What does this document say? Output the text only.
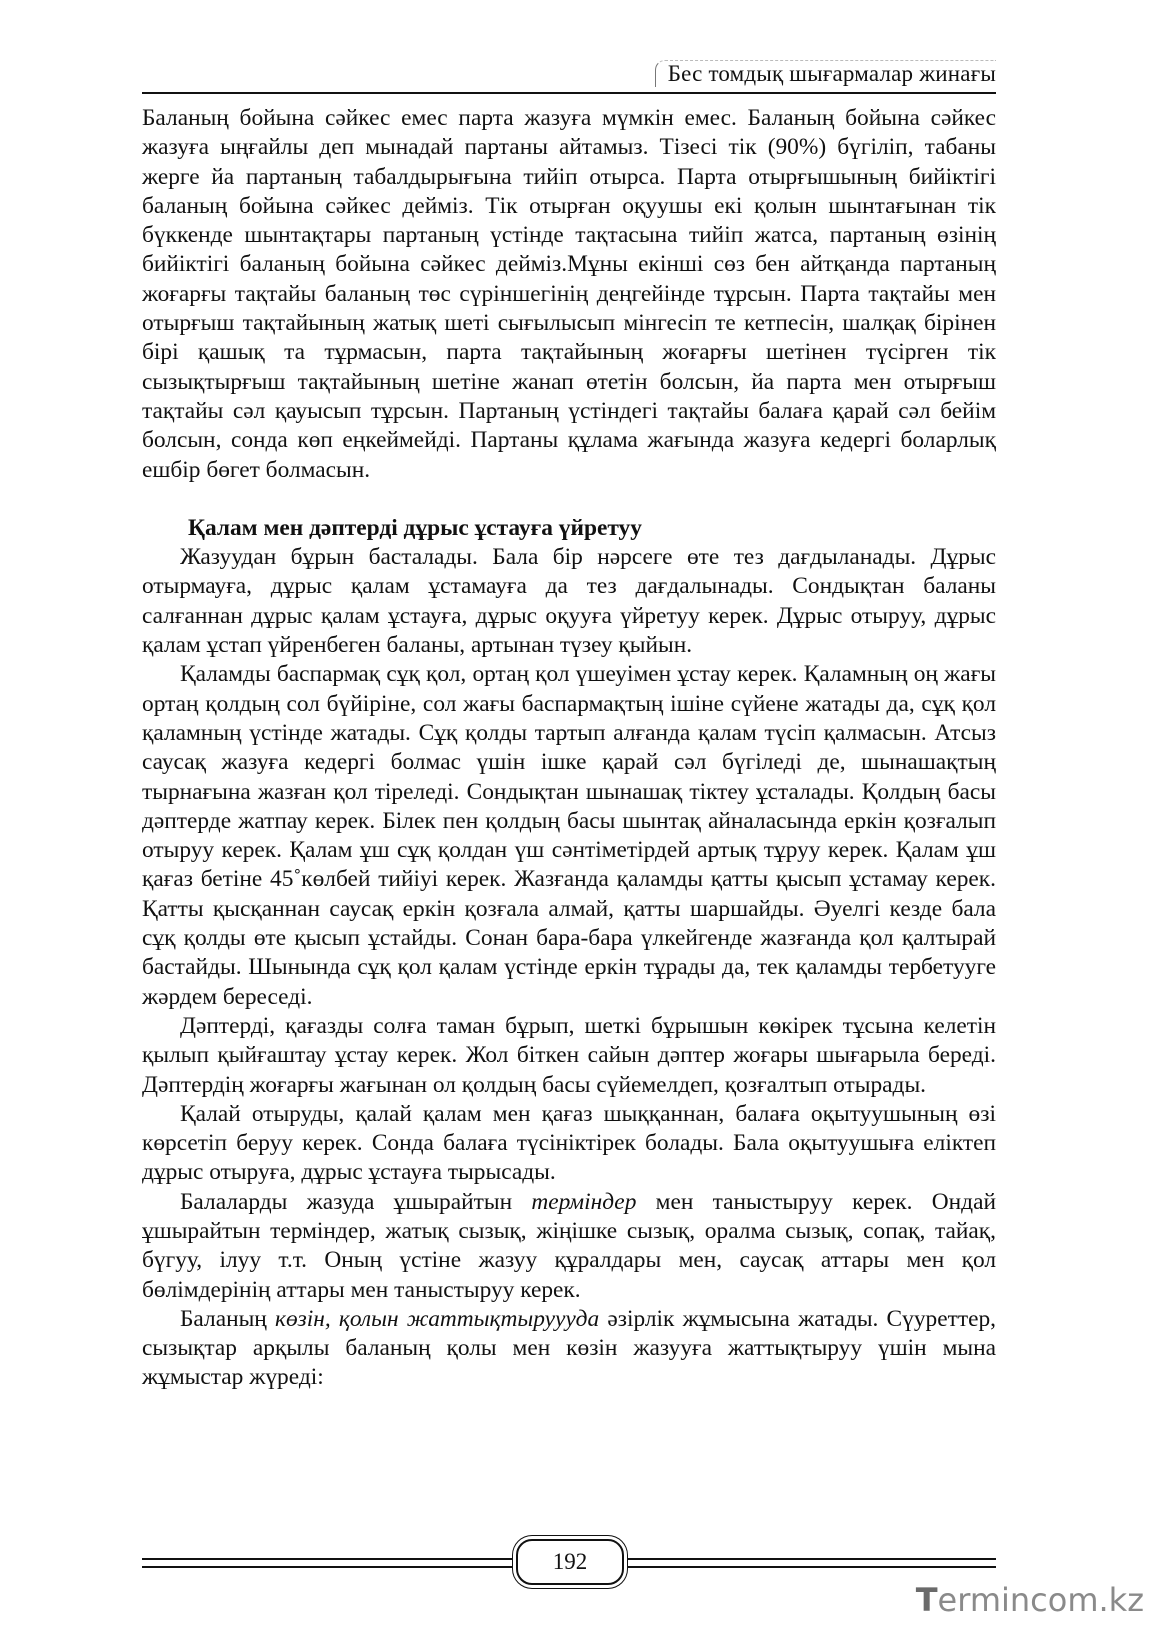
Бес томдық шығармалар жинағы

Баланың бойына сәйкес емес парта жазуға мүмкін емес. Баланың бойына сәйкес жазуға ыңғайлы деп мынадай партаны айтамыз. Тізесі тік (90%) бүгіліп, табаны жерге йа партаның табалдырығына тийіп отырса. Парта отырғышының бийіктігі баланың бойына сәйкес дейміз. Тік отырған оқуушы екі қолын шынтағынан тік бүккенде шынтақтары партаның үстінде тақтасына тийіп жатса, партаның өзінің бийіктігі баланың бойына сәйкес дейміз.Мұны екінші сөз бен айтқанда партаның жоғарғы тақтайы баланың төс сүріншегінің деңгейінде тұрсын. Парта тақтайы мен отырғыш тақтайының жатық шеті сығылысып мінгесіп те кетпесін, шалқақ бірінен бірі қашық та тұрмасын, парта тақтайының жоғарғы шетінен түсірген тік сызықтырғыш тақтайының шетіне жанап өтетін болсын, йа парта мен отырғыш тақтайы сәл қауысып тұрсын. Партаның үстіндегі тақтайы балаға қарай сәл бейім болсын, сонда көп еңкеймейді. Партаны құлама жағында жазуға кедергі боларлық ешбір бөгет болмасын.

Қалам мен дәптерді дұрыс ұстауға үйретуу

Жазуудан бұрын басталады. Бала бір нәрсеге өте тез дағдыланады. Дұрыс отырмауға, дұрыс қалам ұстамауға да тез дағдалынады. Сондықтан баланы салғаннан дұрыс қалам ұстауға, дұрыс оқууға үйретуу керек. Дұрыс отыруу, дұрыс қалам ұстап үйренбеген баланы, артынан түзеу қыйын.

Қаламды баспармақ сұқ қол, ортаң қол үшеуімен ұстау керек. Қаламның оң жағы ортаң қолдың сол бүйіріне, сол жағы баспармақтың ішіне сүйене жатады да, сұқ қол қаламның үстінде жатады. Сұқ қолды тартып алғанда қалам түсіп қалмасын. Атсыз саусақ жазуға кедергі болмас үшін ішке қарай сәл бүгіледі де, шынашақтың тырнағына жазған қол тіреледі. Сондықтан шынашақ тіктеу ұсталады. Қолдың басы дәптерде жатпау керек. Білек пен қолдың басы шынтақ айналасында еркін қозғалып отыруу керек. Қалам ұш сұқ қолдан үш сәнтіметірдей артық тұруу керек. Қалам ұш қағаз бетіне 45˚көлбей тийіуі керек. Жазғанда қаламды қатты қысып ұстамау керек. Қатты қысқаннан саусақ еркін қозғала алмай, қатты шаршайды. Әуелгі кезде бала сұқ қолды өте қысып ұстайды. Сонан бара-бара үлкейгенде жазғанда қол қалтырай бастайды. Шынында сұқ қол қалам үстінде еркін тұрады да, тек қаламды тербетууге жәрдем береседі.

Дәптерді, қағазды солға таман бұрып, шеткі бұрышын көкірек тұсына келетін қылып қыйғаштау ұстау керек. Жол біткен сайын дәптер жоғары шығарыла береді. Дәптердің жоғарғы жағынан ол қолдың басы сүйемелдеп, қозғалтып отырады.

Қалай отыруды, қалай қалам мен қағаз шыққаннан, балаға оқытуушының өзі көрсетіп беруу керек. Сонда балаға түсініктірек болады. Бала оқытуушыға еліктеп дұрыс отыруға, дұрыс ұстауға тырысады.

Балаларды жазуда ұшырайтын терміндер мен таныстыруу керек. Ондай ұшырайтын терміндер, жатық сызық, жіңішке сызық, оралма сызық, сопақ, тайақ, бүгуу, ілуу т.т. Оның үстіне жазуу құралдары мен, саусақ аттары мен қол бөлімдерінің аттары мен таныстыруу керек.

Баланың көзін, қолын жаттықтыруууда әзірлік жұмысына жатады. Сүуреттер, сызықтар арқылы баланың қолы мен көзін жазууға жаттықтыруу үшін мына жұмыстар жүреді:

192
Termincom.kz
